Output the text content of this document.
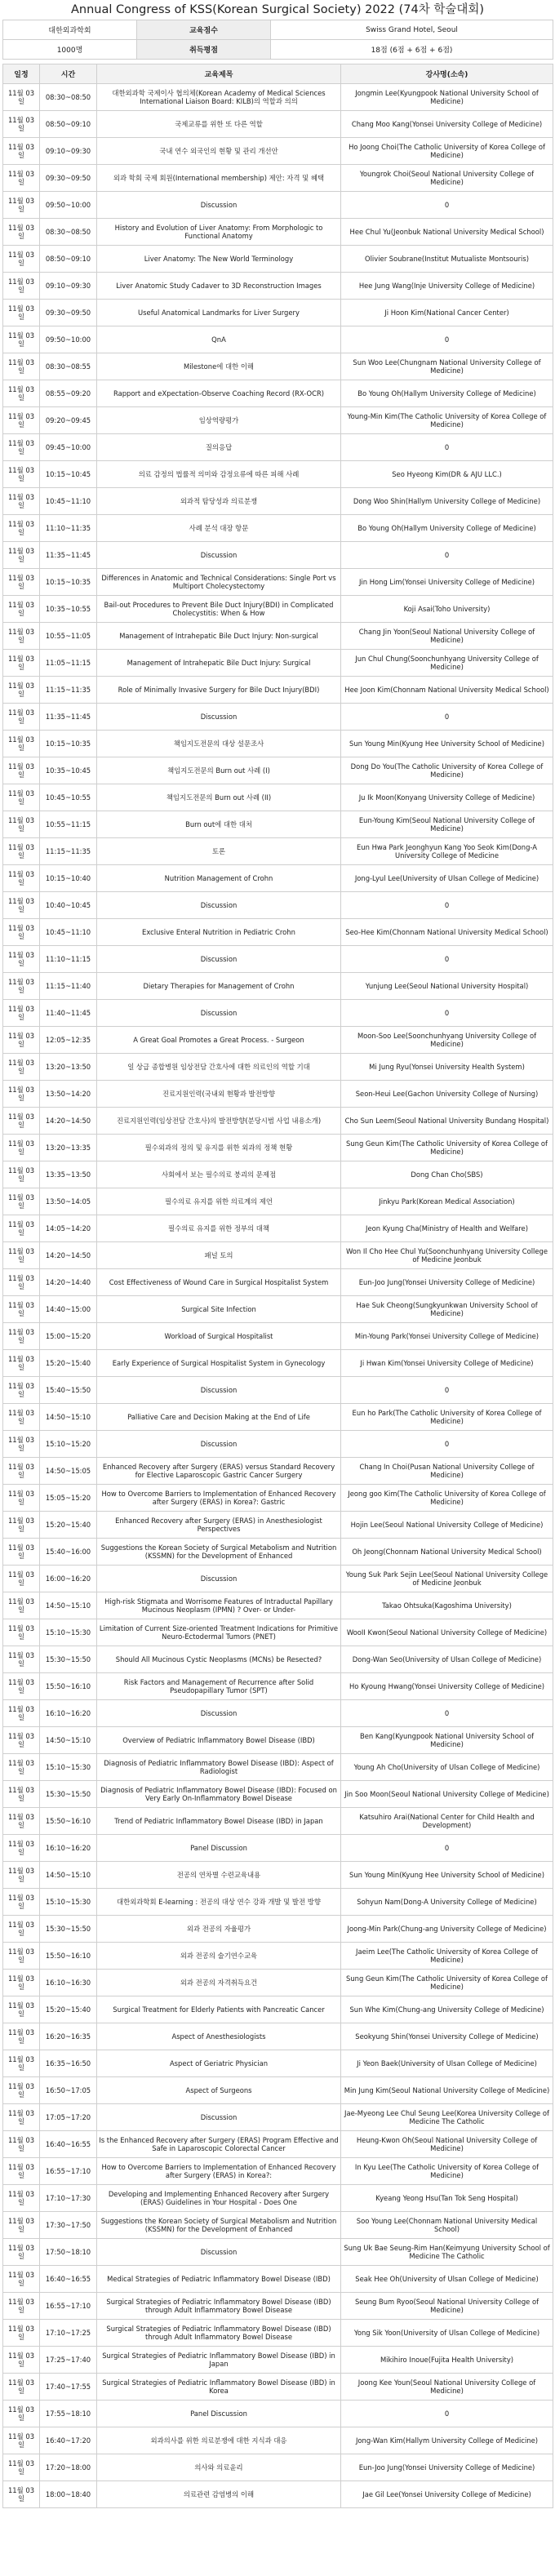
Annual Congress of KSS(Korean Surgical Society) 2022 (74차 학술대회)
대한외과학회	교육점수	Swiss Grand Hotel, Seoul
1000명	취득평점	18점 (6점 + 6점 + 6점)
일정	시간	교육제목	강사명(소속)
11월 03일	08:30~08:50	대한외과학 국제이사 협의체(Korean Academy of Medical Sciences International Liaison Board: KILB)의 역할과 의의	Jongmin Lee(Kyungpook National University School of Medicine)
11월 03일	08:50~09:10	국제교류를 위한 또 다른 역할	Chang Moo Kang(Yonsei University College of Medicine)
11월 03일	09:10~09:30	국내 연수 외국인의 현황 및 관리 개선안	Ho Joong Choi(The Catholic University of Korea College of Medicine)
11월 03일	09:30~09:50	외과 학회 국제 회원(International membership) 제안: 자격 및 혜택	Youngrok Choi(Seoul National University College of Medicine)
11월 03일	09:50~10:00	Discussion	0
11월 03일	08:30~08:50	History and Evolution of Liver Anatomy: From Morphologic to Functional Anatomy	Hee Chul Yu(Jeonbuk National University Medical School)
11월 03일	08:50~09:10	Liver Anatomy: The New World Terminology	Olivier Soubrane(Institut Mutualiste Montsouris)
11월 03일	09:10~09:30	Liver Anatomic Study Cadaver to 3D Reconstruction Images	Hee Jung Wang(Inje University College of Medicine)
11월 03일	09:30~09:50	Useful Anatomical Landmarks for Liver Surgery	Ji Hoon Kim(National Cancer Center)
11월 03일	09:50~10:00	QnA	0
11월 03일	08:30~08:55	Milestone에 대한 이해	Sun Woo Lee(Chungnam National University College of Medicine)
11월 03일	08:55~09:20	Rapport and eXpectation-Observe Coaching Record (RX-OCR)	Bo Young Oh(Hallym University College of Medicine)
11월 03일	09:20~09:45	임상역량평가	Young-Min Kim(The Catholic University of Korea College of Medicine)
11월 03일	09:45~10:00	질의응답	0
11월 03일	10:15~10:45	의료 감정의 법률적 의미와 감정요류에 따른 피해 사례	Seo Hyeong Kim(DR & AJU LLC.)
11월 03일	10:45~11:10	외과적 탐당성과 의료분쟁	Dong Woo Shin(Hallym University College of Medicine)
11월 03일	11:10~11:35	사례 분석 대장 항문	Bo Young Oh(Hallym University College of Medicine)
11월 03일	11:35~11:45	Discussion	0
11월 03일	10:15~10:35	Differences in Anatomic and Technical Considerations: Single Port vs Multiport Cholecystectomy	Jin Hong Lim(Yonsei University College of Medicine)
11월 03일	10:35~10:55	Bail-out Procedures to Prevent Bile Duct Injury(BDI) in Complicated Cholecystitis: When & How	Koji Asai(Toho University)
11월 03일	10:55~11:05	Management of Intrahepatic Bile Duct Injury: Non-surgical	Chang Jin Yoon(Seoul National University College of Medicine)
11월 03일	11:05~11:15	Management of Intrahepatic Bile Duct Injury: Surgical	Jun Chul Chung(Soonchunhyang University College of Medicine)
11월 03일	11:15~11:35	Role of Minimally Invasive Surgery for Bile Duct Injury(BDI)	Hee Joon Kim(Chonnam National University Medical School)
11월 03일	11:35~11:45	Discussion	0
11월 03일	10:15~10:35	책임지도전문의 대상 설문조사	Sun Young Min(Kyung Hee University School of Medicine)
11월 03일	10:35~10:45	책임지도전문의 Burn out 사례 (I)	Dong Do You(The Catholic University of Korea College of Medicine)
11월 03일	10:45~10:55	책임지도전문의 Burn out 사례 (II)	Ju Ik Moon(Konyang University College of Medicine)
11월 03일	10:55~11:15	Burn out에 대한 대처	Eun-Young Kim(Seoul National University College of Medicine)
11월 03일	11:15~11:35	토론	Eun Hwa Park Jeonghyun Kang Yoo Seok Kim(Dong-A University College of Medicine
11월 03일	10:15~10:40	Nutrition Management of Crohn	Jong-Lyul Lee(University of Ulsan College of Medicine)
11월 03일	10:40~10:45	Discussion	0
11월 03일	10:45~11:10	Exclusive Enteral Nutrition in Pediatric Crohn	Seo-Hee Kim(Chonnam National University Medical School)
11월 03일	11:10~11:15	Discussion	0
11월 03일	11:15~11:40	Dietary Therapies for Management of Crohn	Yunjung Lee(Seoul National University Hospital)
11월 03일	11:40~11:45	Discussion	0
11월 03일	12:05~12:35	A Great Goal Promotes a Great Process. - Surgeon	Moon-Soo Lee(Soonchunhyang University College of Medicine)
11월 03일	13:20~13:50	일 상급 종합병원 임상전담 간호사에 대한 의료인의 역할 기대	Mi Jung Ryu(Yonsei University Health System)
11월 03일	13:50~14:20	진료지원인력(국내외 현황과 발전방향	Seon-Heui Lee(Gachon University College of Nursing)
11월 03일	14:20~14:50	진료지원인력(임상전담 간호사)의 발전방향(분당시범 사업 내용소개)	Cho Sun Leem(Seoul National University Bundang Hospital)
11월 03일	13:20~13:35	필수외과의 정의 및 유지를 위한 외과의 정책 현황	Sung Geun Kim(The Catholic University of Korea College of Medicine)
11월 03일	13:35~13:50	사회에서 보는 필수의료 붕괴의 문제점	Dong Chan Cho(SBS)
11월 03일	13:50~14:05	필수의료 유지를 위한 의료계의 제언	Jinkyu Park(Korean Medical Association)
11월 03일	14:05~14:20	필수의료 유지를 위한 정부의 대책	Jeon Kyung Cha(Ministry of Health and Welfare)
11월 03일	14:20~14:50	패널 토의	Won Il Cho Hee Chul Yu(Soonchunhyang University College of Medicine Jeonbuk
11월 03일	14:20~14:40	Cost Effectiveness of Wound Care in Surgical Hospitalist System	Eun-Joo Jung(Yonsei University College of Medicine)
11월 03일	14:40~15:00	Surgical Site Infection	Hae Suk Cheong(Sungkyunkwan University School of Medicine)
11월 03일	15:00~15:20	Workload of Surgical Hospitalist	Min-Young Park(Yonsei University College of Medicine)
11월 03일	15:20~15:40	Early Experience of Surgical Hospitalist System in Gynecology	Ji Hwan Kim(Yonsei University College of Medicine)
11월 03일	15:40~15:50	Discussion	0
11월 03일	14:50~15:10	Palliative Care and Decision Making at the End of Life	Eun ho Park(The Catholic University of Korea College of Medicine)
11월 03일	15:10~15:20	Discussion	0
11월 03일	14:50~15:05	Enhanced Recovery after Surgery (ERAS) versus Standard Recovery for Elective Laparoscopic Gastric Cancer Surgery	Chang In Choi(Pusan National University College of Medicine)
11월 03일	15:05~15:20	How to Overcome Barriers to Implementation of Enhanced Recovery after Surgery (ERAS) in Korea?: Gastric	Jeong goo Kim(The Catholic University of Korea College of Medicine)
11월 03일	15:20~15:40	Enhanced Recovery after Surgery (ERAS) in Anesthesiologist Perspectives	Hojin Lee(Seoul National University College of Medicine)
11월 03일	15:40~16:00	Suggestions the Korean Society of Surgical Metabolism and Nutrition (KSSMN) for the Development of Enhanced	Oh Jeong(Chonnam National University Medical School)
11월 03일	16:00~16:20	Discussion	Young Suk Park Sejin Lee(Seoul National University College of Medicine Jeonbuk
11월 03일	14:50~15:10	High-risk Stigmata and Worrisome Features of Intraductal Papillary Mucinous Neoplasm (IPMN) ? Over- or Under-	Takao Ohtsuka(Kagoshima University)
11월 03일	15:10~15:30	Limitation of Current Size-oriented Treatment Indications for Primitive Neuro-Ectodermal Tumors (PNET)	WooII Kwon(Seoul National University College of Medicine)
11월 03일	15:30~15:50	Should All Mucinous Cystic Neoplasms (MCNs) be Resected?	Dong-Wan Seo(University of Ulsan College of Medicine)
11월 03일	15:50~16:10	Risk Factors and Management of Recurrence after Solid Pseudopapillary Tumor (SPT)	Ho Kyoung Hwang(Yonsei University College of Medicine)
11월 03일	16:10~16:20	Discussion	0
11월 03일	14:50~15:10	Overview of Pediatric Inflammatory Bowel Disease (IBD)	Ben Kang(Kyungpook National University School of Medicine)
11월 03일	15:10~15:30	Diagnosis of Pediatric Inflammatory Bowel Disease (IBD): Aspect of Radiologist	Young Ah Cho(University of Ulsan College of Medicine)
11월 03일	15:30~15:50	Diagnosis of Pediatric Inflammatory Bowel Disease (IBD): Focused on Very Early On-Inflammatory Bowel Disease	Jin Soo Moon(Seoul National University College of Medicine)
11월 03일	15:50~16:10	Trend of Pediatric Inflammatory Bowel Disease (IBD) in Japan	Katsuhiro Arai(National Center for Child Health and Development)
11월 03일	16:10~16:20	Panel Discussion	0
11월 03일	14:50~15:10	전공의 연차별 수련교육내용	Sun Young Min(Kyung Hee University School of Medicine)
11월 03일	15:10~15:30	대한외과학회 E-learning : 전공의 대상 연수 강좌 개발 및 발전 방향	Sohyun Nam(Dong-A University College of Medicine)
11월 03일	15:30~15:50	외과 전공의 자율평가	Joong-Min Park(Chung-ang University College of Medicine)
11월 03일	15:50~16:10	외과 전공의 술기연수교육	Jaeim Lee(The Catholic University of Korea College of Medicine)
11월 03일	16:10~16:30	외과 전공의 자격취득요건	Sung Geun Kim(The Catholic University of Korea College of Medicine)
11월 03일	15:20~15:40	Surgical Treatment for Elderly Patients with Pancreatic Cancer	Sun Whe Kim(Chung-ang University College of Medicine)
11월 03일	16:20~16:35	Aspect of Anesthesiologists	Seokyung Shin(Yonsei University College of Medicine)
11월 03일	16:35~16:50	Aspect of Geriatric Physician	Ji Yeon Baek(University of Ulsan College of Medicine)
11월 03일	16:50~17:05	Aspect of Surgeons	Min Jung Kim(Seoul National University College of Medicine)
11월 03일	17:05~17:20	Discussion	Jae-Myeong Lee Chul Seung Lee(Korea University College of Medicine The Catholic
11월 03일	16:40~16:55	Is the Enhanced Recovery after Surgery (ERAS) Program Effective and Safe in Laparoscopic Colorectal Cancer	Heung-Kwon Oh(Seoul National University College of Medicine)
11월 03일	16:55~17:10	How to Overcome Barriers to Implementation of Enhanced Recovery after Surgery (ERAS) in Korea?:	In Kyu Lee(The Catholic University of Korea College of Medicine)
11월 03일	17:10~17:30	Developing and Implementing Enhanced Recovery after Surgery (ERAS) Guidelines in Your Hospital - Does One	Kyeang Yeong Hsu(Tan Tok Seng Hospital)
11월 03일	17:30~17:50	Suggestions the Korean Society of Surgical Metabolism and Nutrition (KSSMN) for the Development of Enhanced	Soo Young Lee(Chonnam National University Medical School)
11월 03일	17:50~18:10	Discussion	Sung Uk Bae Seung-Rim Han(Keimyung University School of Medicine The Catholic
11월 03일	16:40~16:55	Medical Strategies of Pediatric Inflammatory Bowel Disease (IBD)	Seak Hee Oh(University of Ulsan College of Medicine)
11월 03일	16:55~17:10	Surgical Strategies of Pediatric Inflammatory Bowel Disease (IBD) through Adult Inflammatory Bowel Disease	Seung Bum Ryoo(Seoul National University College of Medicine)
11월 03일	17:10~17:25	Surgical Strategies of Pediatric Inflammatory Bowel Disease (IBD) through Adult Inflammatory Bowel Disease	Yong Sik Yoon(University of Ulsan College of Medicine)
11월 03일	17:25~17:40	Surgical Strategies of Pediatric Inflammatory Bowel Disease (IBD) in Japan	Mikihiro Inoue(Fujita Health University)
11월 03일	17:40~17:55	Surgical Strategies of Pediatric Inflammatory Bowel Disease (IBD) in Korea	Joong Kee Youn(Seoul National University College of Medicine)
11월 03일	17:55~18:10	Panel Discussion	0
11월 03일	16:40~17:20	외과의사를 위한 의료분쟁에 대한 지식과 대응	Jong-Wan Kim(Hallym University College of Medicine)
11월 03일	17:20~18:00	의사와 의료윤리	Eun-Joo Jung(Yonsei University College of Medicine)
11월 03일	18:00~18:40	의료관련 감염병의 이해	Jae Gil Lee(Yonsei University College of Medicine)
